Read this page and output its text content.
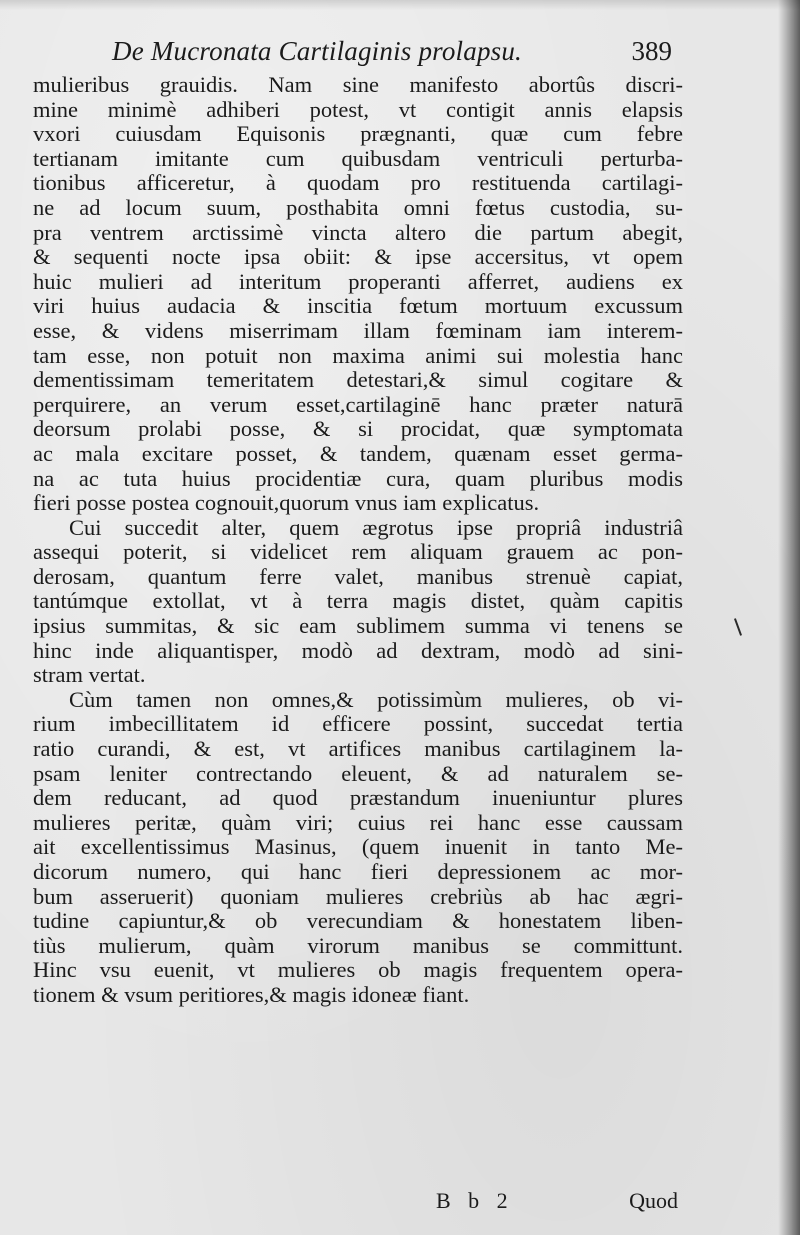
De Mucronata Cartilaginis prolapsu.	389
mulieribus grauidis. Nam sine manifesto abortûs discri-
mine minimè adhiberi potest, vt contigit annis elapsis
vxori cuiusdam Equisonis prægnanti, quæ cum febre
tertianam imitante cum quibusdam ventriculi perturba-
tionibus afficeretur, à quodam pro restituenda cartilagi-
ne ad locum suum, posthabita omni fœtus custodia, su-
pra ventrem arctissimè vincta altero die partum abegit,
& sequenti nocte ipsa obiit: & ipse accersitus, vt opem
huic mulieri ad interitum properanti afferret, audiens ex
viri huius audacia & inscitia fœtum mortuum excussum
esse, & videns miserrimam illam fœminam iam interem-
tam esse, non potuit non maxima animi sui molestia hanc
dementissimam temeritatem detestari,& simul cogitare &
perquirere, an verum esset,cartilaginē hanc præter naturā
deorsum prolabi posse, & si procidat, quæ symptomata
ac mala excitare posset, & tandem, quænam esset germa-
na ac tuta huius procidentiæ cura, quam pluribus modis
fieri posse postea cognouit,quorum vnus iam explicatus.
Cui succedit alter, quem ægrotus ipse propriâ industriâ
assequi poterit, si videlicet rem aliquam grauem ac pon-
derosam, quantum ferre valet, manibus strenuè capiat,
tantúmque extollat, vt à terra magis distet, quàm capitis
ipsius summitas, & sic eam sublimem summa vi tenens se
hinc inde aliquantisper, modò ad dextram, modò ad sini-
stram vertat.
Cùm tamen non omnes,& potissimùm mulieres, ob vi-
rium imbecillitatem id efficere possint, succedat tertia
ratio curandi, & est, vt artifices manibus cartilaginem la-
psam leniter contrectando eleuent, & ad naturalem se-
dem reducant, ad quod præstandum inueniuntur plures
mulieres peritæ, quàm viri; cuius rei hanc esse caussam
ait excellentissimus Masinus, (quem inuenit in tanto Me-
dicorum numero, qui hanc fieri depressionem ac mor-
bum asseruerit) quoniam mulieres crebriùs ab hac ægri-
tudine capiuntur,& ob verecundiam & honestatem liben-
tiùs mulierum, quàm virorum manibus se committunt.
Hinc vsu euenit, vt mulieres ob magis frequentem opera-
tionem & vsum peritiores,& magis idoneæ fiant.
B b 2	Quod
